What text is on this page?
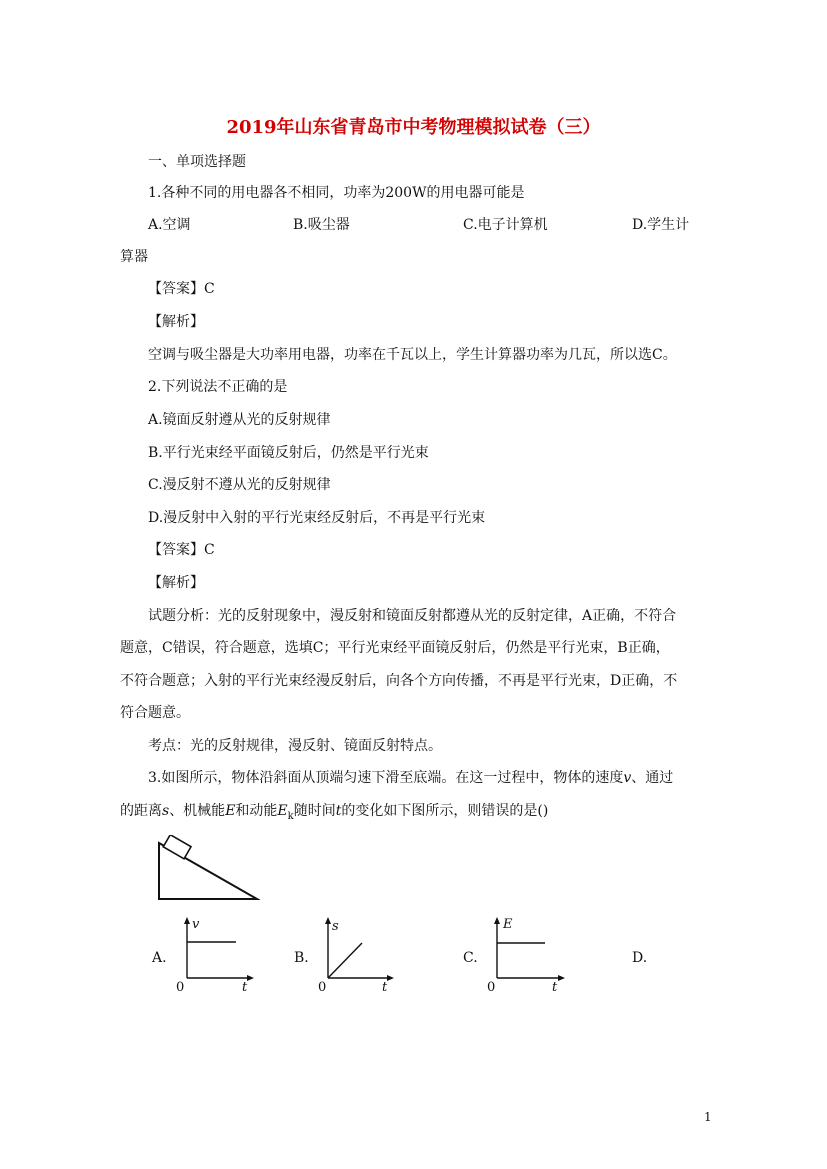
2019年山东省青岛市中考物理模拟试卷（三）

一、单项选择题

1.各种不同的用电器各不相同，功率为200W的用电器可能是

A.空调	B.吸尘器	C.电子计算机	D.学生计

算器

【答案】C

【解析】

空调与吸尘器是大功率用电器，功率在千瓦以上，学生计算器功率为几瓦，所以选C。

2.下列说法不正确的是

A.镜面反射遵从光的反射规律

B.平行光束经平面镜反射后，仍然是平行光束

C.漫反射不遵从光的反射规律

D.漫反射中入射的平行光束经反射后，不再是平行光束

【答案】C

【解析】

试题分析：光的反射现象中，漫反射和镜面反射都遵从光的反射定律，A正确，不符合

题意，C错误，符合题意，选填C；平行光束经平面镜反射后，仍然是平行光束，B正确，

不符合题意；入射的平行光束经漫反射后，向各个方向传播，不再是平行光束，D正确，不

符合题意。

考点：光的反射规律，漫反射、镜面反射特点。

3.如图所示，物体沿斜面从顶端匀速下滑至底端。在这一过程中，物体的速度v、通过

的距离s、机械能E和动能$E_k$随时间t的变化如下图所示，则错误的是()

A.	B.	C.	D.
v
t
0
s
t
0
E
t
0
1
